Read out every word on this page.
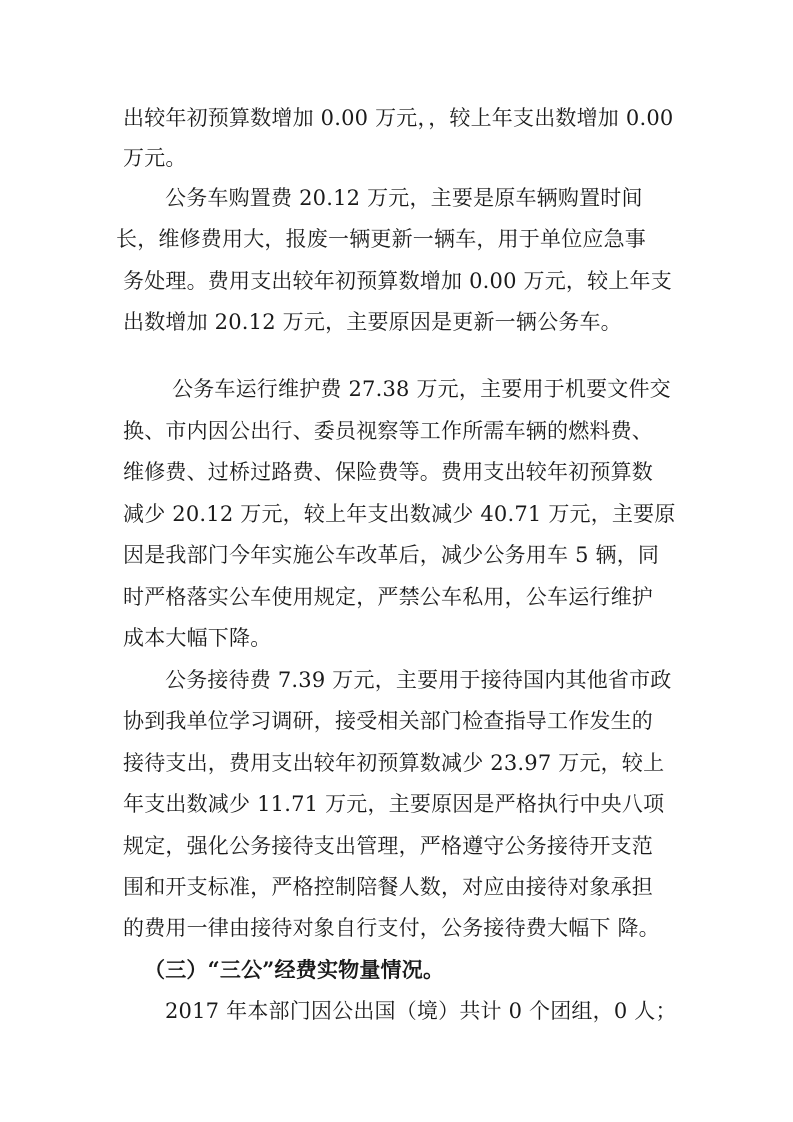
出较年初预算数增加 0.00 万元，，较上年支出数增加 0.00
万元。
公务车购置费 20.12 万元，主要是原车辆购置时间
长，维修费用大，报废一辆更新一辆车，用于单位应急事
务处理。费用支出较年初预算数增加 0.00 万元，较上年支
出数增加 20.12 万元，主要原因是更新一辆公务车。
公务车运行维护费 27.38 万元，主要用于机要文件交
换、市内因公出行、委员视察等工作所需车辆的燃料费、
维修费、过桥过路费、保险费等。费用支出较年初预算数
减少 20.12 万元，较上年支出数减少 40.71 万元，主要原
因是我部门今年实施公车改革后，减少公务用车 5 辆，同
时严格落实公车使用规定，严禁公车私用，公车运行维护
成本大幅下降。
公务接待费 7.39 万元，主要用于接待国内其他省市政
协到我单位学习调研，接受相关部门检查指导工作发生的
接待支出，费用支出较年初预算数减少 23.97 万元，较上
年支出数减少 11.71 万元，主要原因是严格执行中央八项
规定，强化公务接待支出管理，严格遵守公务接待开支范
围和开支标准，严格控制陪餐人数，对应由接待对象承担
的费用一律由接待对象自行支付，公务接待费大幅下 降。
（三）“三公”经费实物量情况。
2017 年本部门因公出国（境）共计 0 个团组，0 人；
